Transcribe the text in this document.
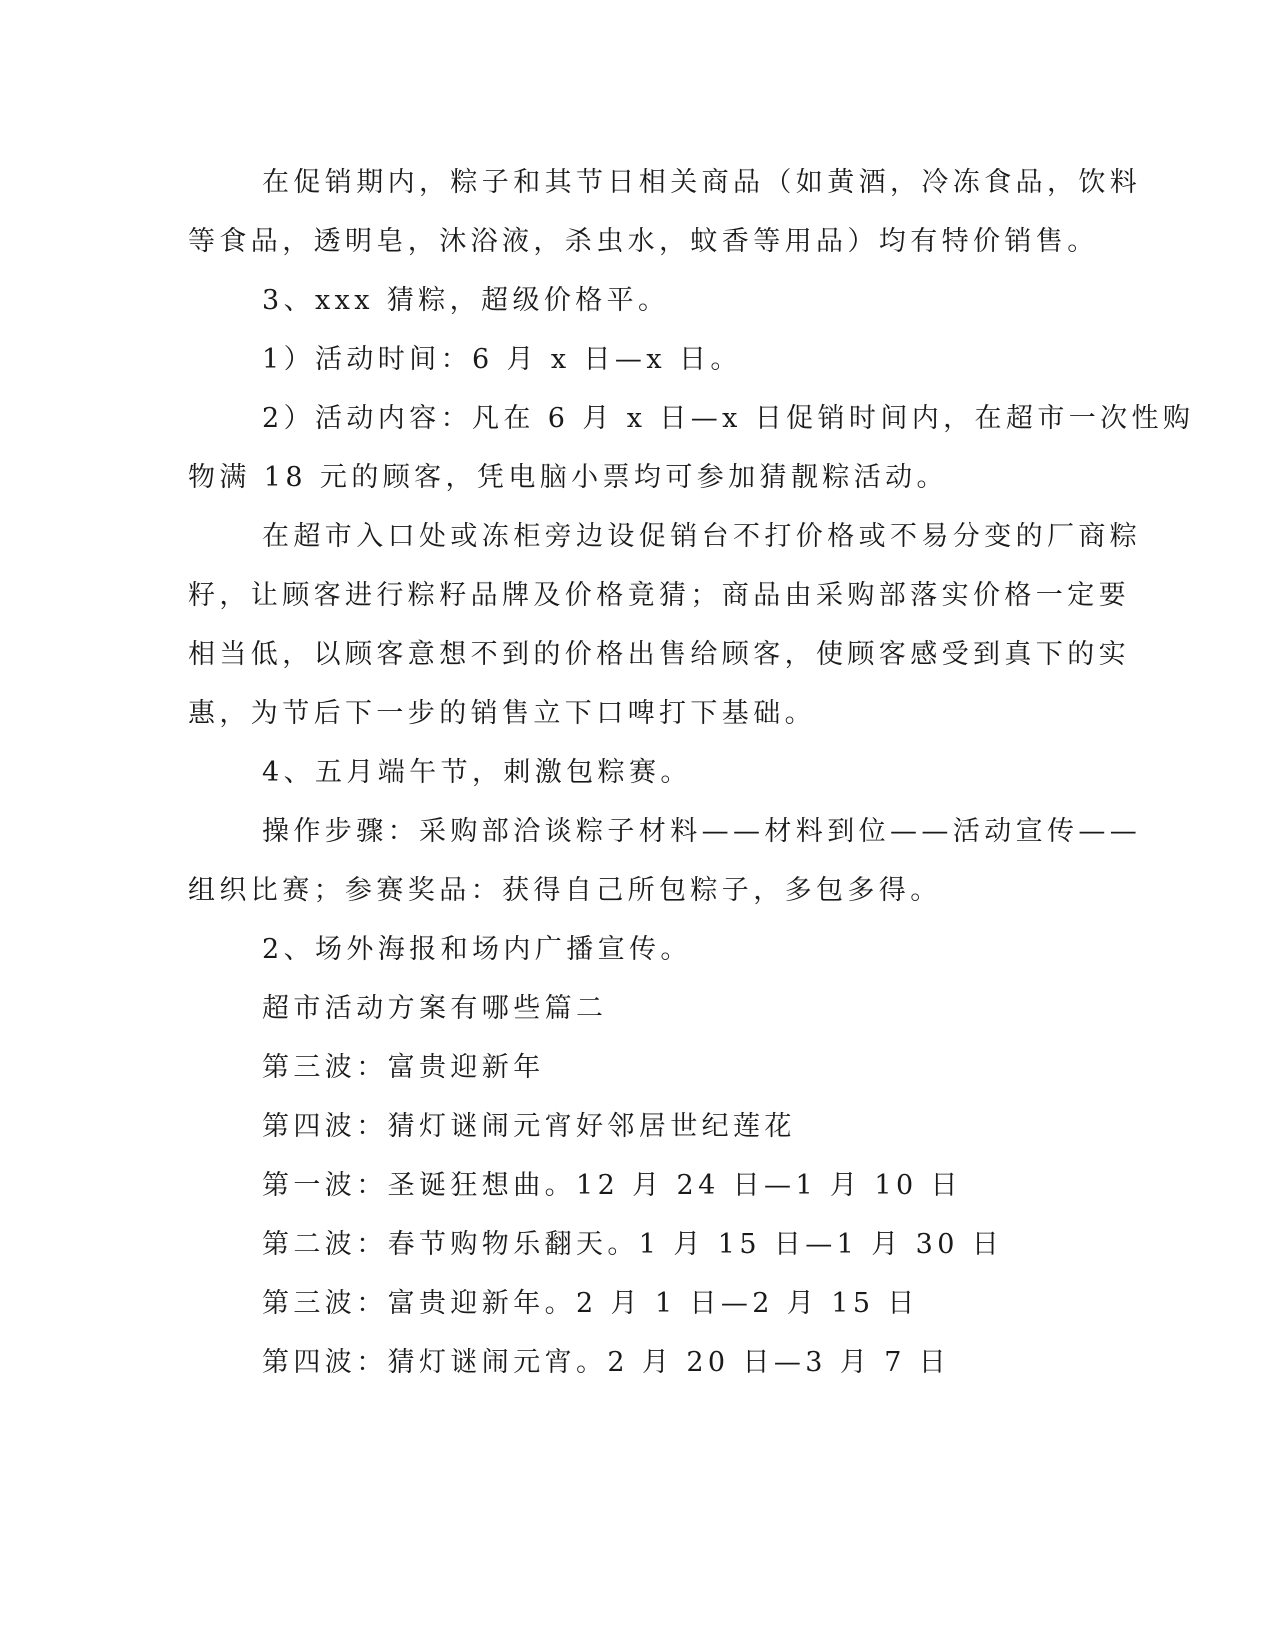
在促销期内，粽子和其节日相关商品（如黄酒，冷冻食品，饮料
等食品，透明皂，沐浴液，杀虫水，蚊香等用品）均有特价销售。
3、xxx 猜粽，超级价格平。
1）活动时间：6 月 x 日—x 日。
2）活动内容：凡在 6 月 x 日—x 日促销时间内，在超市一次性购
物满 18 元的顾客，凭电脑小票均可参加猜靓粽活动。
在超市入口处或冻柜旁边设促销台不打价格或不易分变的厂商粽
籽，让顾客进行粽籽品牌及价格竟猜；商品由采购部落实价格一定要
相当低，以顾客意想不到的价格出售给顾客，使顾客感受到真下的实
惠，为节后下一步的销售立下口啤打下基础。
4、五月端午节，刺激包粽赛。
操作步骤：采购部洽谈粽子材料——材料到位——活动宣传——
组织比赛；参赛奖品：获得自己所包粽子，多包多得。
2、场外海报和场内广播宣传。
超市活动方案有哪些篇二
第三波：富贵迎新年
第四波：猜灯谜闹元宵好邻居世纪莲花
第一波：圣诞狂想曲。12 月 24 日—1 月 10 日
第二波：春节购物乐翻天。1 月 15 日—1 月 30 日
第三波：富贵迎新年。2 月 1 日—2 月 15 日
第四波：猜灯谜闹元宵。2 月 20 日—3 月 7 日
